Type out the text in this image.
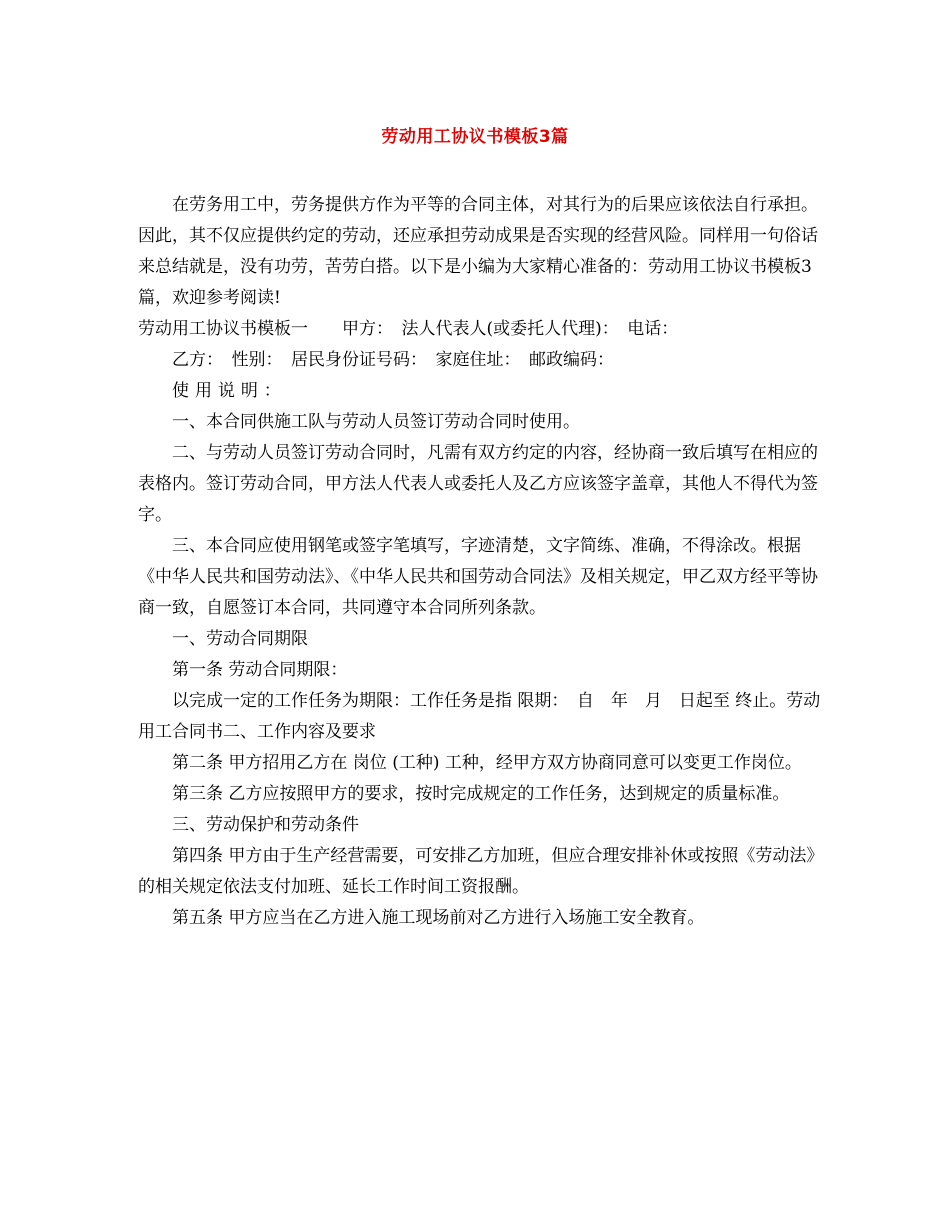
劳动用工协议书模板3篇

在劳务用工中，劳务提供方作为平等的合同主体，对其行为的后果应该依法自行承担。因此，其不仅应提供约定的劳动，还应承担劳动成果是否实现的经营风险。同样用一句俗话来总结就是，没有功劳，苦劳白搭。以下是小编为大家精心准备的：劳动用工协议书模板3篇，欢迎参考阅读!

劳动用工协议书模板一　　甲方：　法人代表人(或委托人代理)：　电话：

乙方：　性别：　居民身份证号码：　家庭住址：　邮政编码：

使用说明：

一、本合同供施工队与劳动人员签订劳动合同时使用。

二、与劳动人员签订劳动合同时，凡需有双方约定的内容，经协商一致后填写在相应的表格内。签订劳动合同，甲方法人代表人或委托人及乙方应该签字盖章，其他人不得代为签字。

三、本合同应使用钢笔或签字笔填写，字迹清楚，文字简练、准确，不得涂改。根据《中华人民共和国劳动法》、《中华人民共和国劳动合同法》及相关规定，甲乙双方经平等协商一致，自愿签订本合同，共同遵守本合同所列条款。

一、劳动合同期限

第一条 劳动合同期限：

以完成一定的工作任务为期限：工作任务是指 限期：　自　年　月　日起至 终止。劳动用工合同书二、工作内容及要求

第二条 甲方招用乙方在 岗位 (工种) 工种，经甲方双方协商同意可以变更工作岗位。

第三条 乙方应按照甲方的要求，按时完成规定的工作任务，达到规定的质量标准。

三、劳动保护和劳动条件

第四条 甲方由于生产经营需要，可安排乙方加班，但应合理安排补休或按照《劳动法》的相关规定依法支付加班、延长工作时间工资报酬。

第五条 甲方应当在乙方进入施工现场前对乙方进行入场施工安全教育。
